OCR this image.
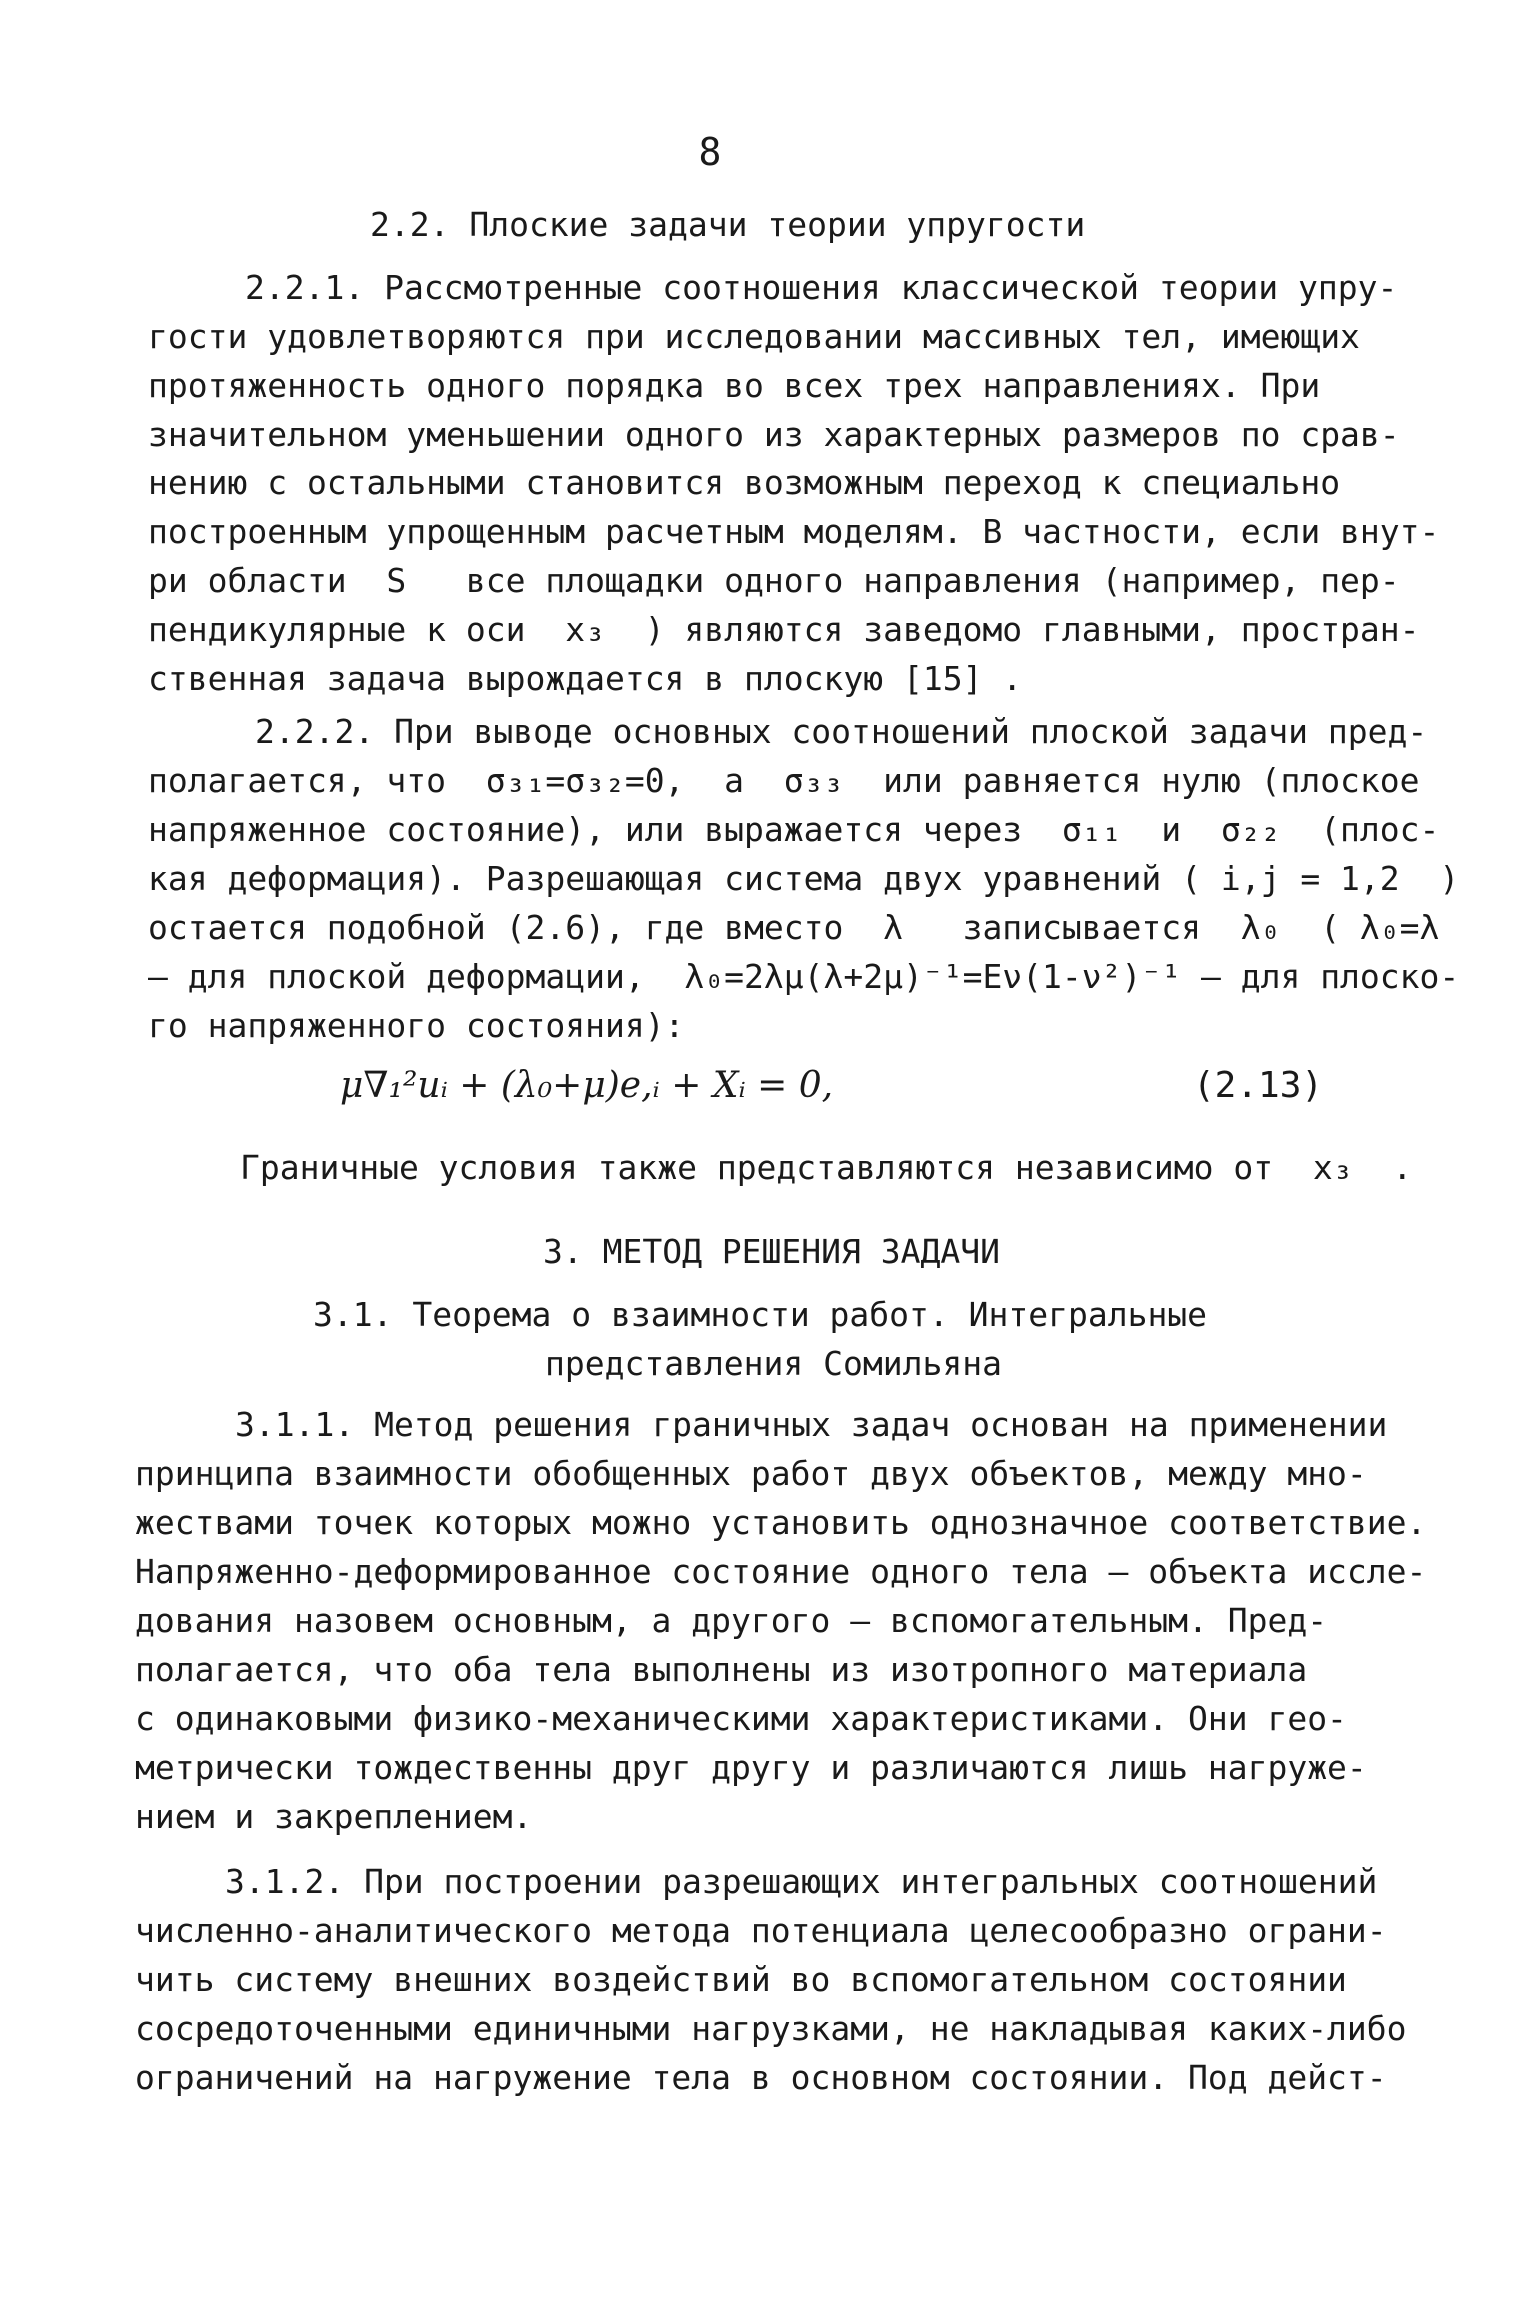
8
2.2. Плоские задачи теории упругости
2.2.1. Рассмотренные соотношения классической теории упру-
гости удовлетворяются при исследовании массивных тел, имеющих
протяженность одного порядка во всех трех направлениях. При
значительном уменьшении одного из характерных размеров по срав-
нению с остальными становится возможным переход к специально
построенным упрощенным расчетным моделям. В частности, если внут-
ри области  S   все площадки одного направления (например, пер-
пендикулярные к оси  x₃  ) являются заведомо главными, простран-
ственная задача вырождается в плоскую [15] .
2.2.2. При выводе основных соотношений плоской задачи пред-
полагается, что  σ₃₁=σ₃₂=0,  а  σ₃₃  или равняется нулю (плоское
напряженное состояние), или выражается через  σ₁₁  и  σ₂₂  (плос-
кая деформация). Разрешающая система двух уравнений ( i,j = 1,2  )
остается подобной (2.6), где вместо  λ   записывается  λ₀  ( λ₀=λ
– для плоской деформации,  λ₀=2λμ(λ+2μ)⁻¹=Eν(1-ν²)⁻¹ – для плоско-
го напряженного состояния):
μ∇₁²uᵢ + (λ₀+μ)e,ᵢ + Xᵢ = 0,	(2.13)
Граничные условия также представляются независимо от  x₃  .
3. МЕТОД РЕШЕНИЯ ЗАДАЧИ
3.1. Теорема о взаимности работ. Интегральные
представления Сомильяна
3.1.1. Метод решения граничных задач основан на применении
принципа взаимности обобщенных работ двух объектов, между мно-
жествами точек которых можно установить однозначное соответствие.
Напряженно-деформированное состояние одного тела – объекта иссле-
дования назовем основным, а другого – вспомогательным. Пред-
полагается, что оба тела выполнены из изотропного материала
с одинаковыми физико-механическими характеристиками. Они гео-
метрически тождественны друг другу и различаются лишь нагруже-
нием и закреплением.
3.1.2. При построении разрешающих интегральных соотношений
численно-аналитического метода потенциала целесообразно ограни-
чить систему внешних воздействий во вспомогательном состоянии
сосредоточенными единичными нагрузками, не накладывая каких-либо
ограничений на нагружение тела в основном состоянии. Под дейст-
